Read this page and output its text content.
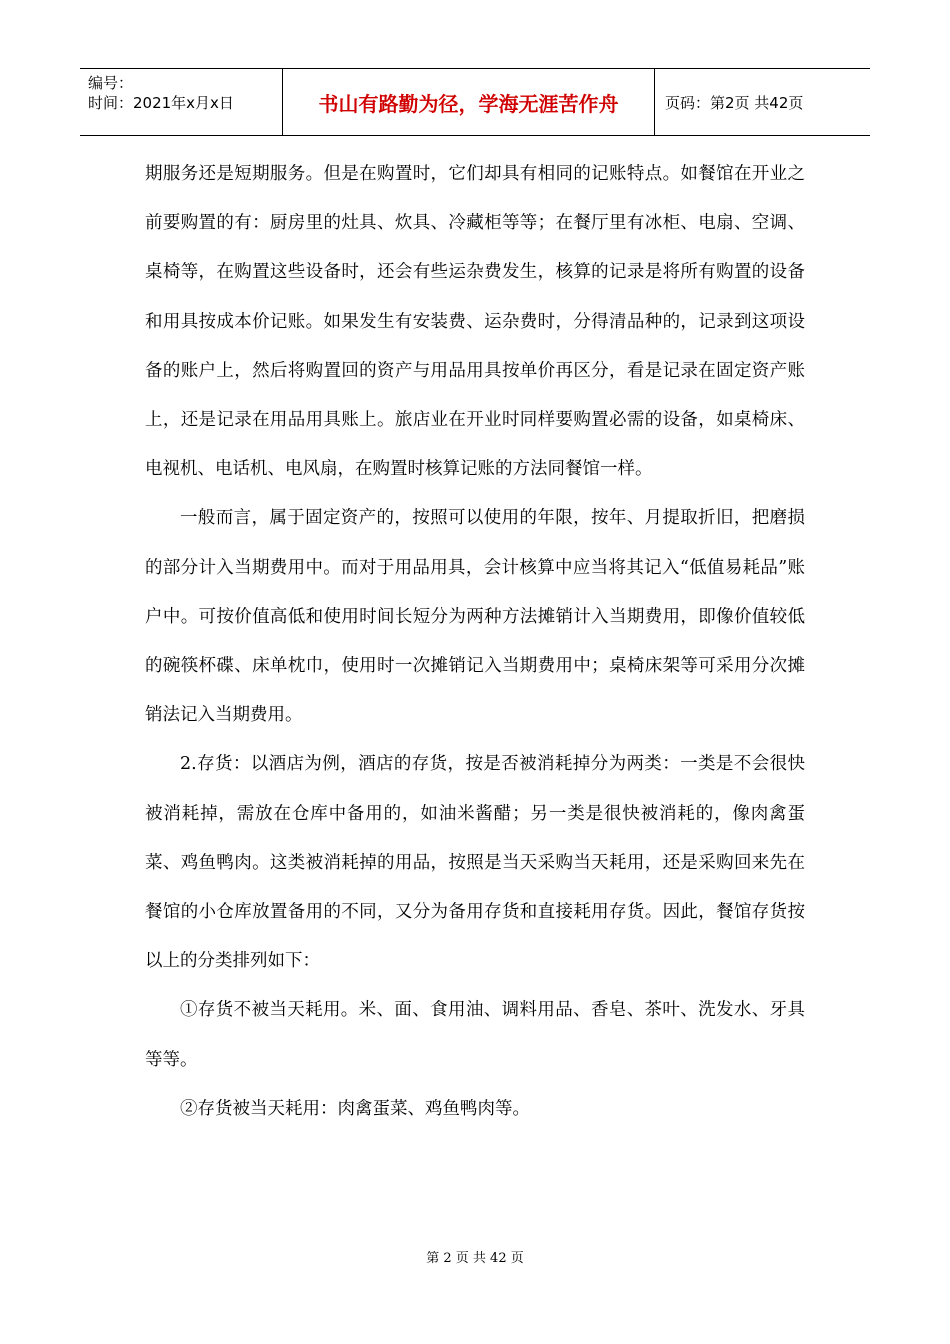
编号：
时间：2021年x月x日	书山有路勤为径，学海无涯苦作舟	页码：第2页 共42页

期服务还是短期服务。但是在购置时，它们却具有相同的记账特点。如餐馆在开业之前要购置的有：厨房里的灶具、炊具、冷藏柜等等；在餐厅里有冰柜、电扇、空调、桌椅等，在购置这些设备时，还会有些运杂费发生，核算的记录是将所有购置的设备和用具按成本价记账。如果发生有安装费、运杂费时，分得清品种的，记录到这项设备的账户上，然后将购置回的资产与用品用具按单价再区分，看是记录在固定资产账上，还是记录在用品用具账上。旅店业在开业时同样要购置必需的设备，如桌椅床、电视机、电话机、电风扇，在购置时核算记账的方法同餐馆一样。

一般而言，属于固定资产的，按照可以使用的年限，按年、月提取折旧，把磨损的部分计入当期费用中。而对于用品用具，会计核算中应当将其记入“低值易耗品”账户中。可按价值高低和使用时间长短分为两种方法摊销计入当期费用，即像价值较低的碗筷杯碟、床单枕巾，使用时一次摊销记入当期费用中；桌椅床架等可采用分次摊销法记入当期费用。

2.存货：以酒店为例，酒店的存货，按是否被消耗掉分为两类：一类是不会很快被消耗掉，需放在仓库中备用的，如油米酱醋；另一类是很快被消耗的，像肉禽蛋菜、鸡鱼鸭肉。这类被消耗掉的用品，按照是当天采购当天耗用，还是采购回来先在餐馆的小仓库放置备用的不同，又分为备用存货和直接耗用存货。因此，餐馆存货按以上的分类排列如下：

①存货不被当天耗用。米、面、食用油、调料用品、香皂、茶叶、洗发水、牙具等等。

②存货被当天耗用：肉禽蛋菜、鸡鱼鸭肉等。

第 2 页 共 42 页
